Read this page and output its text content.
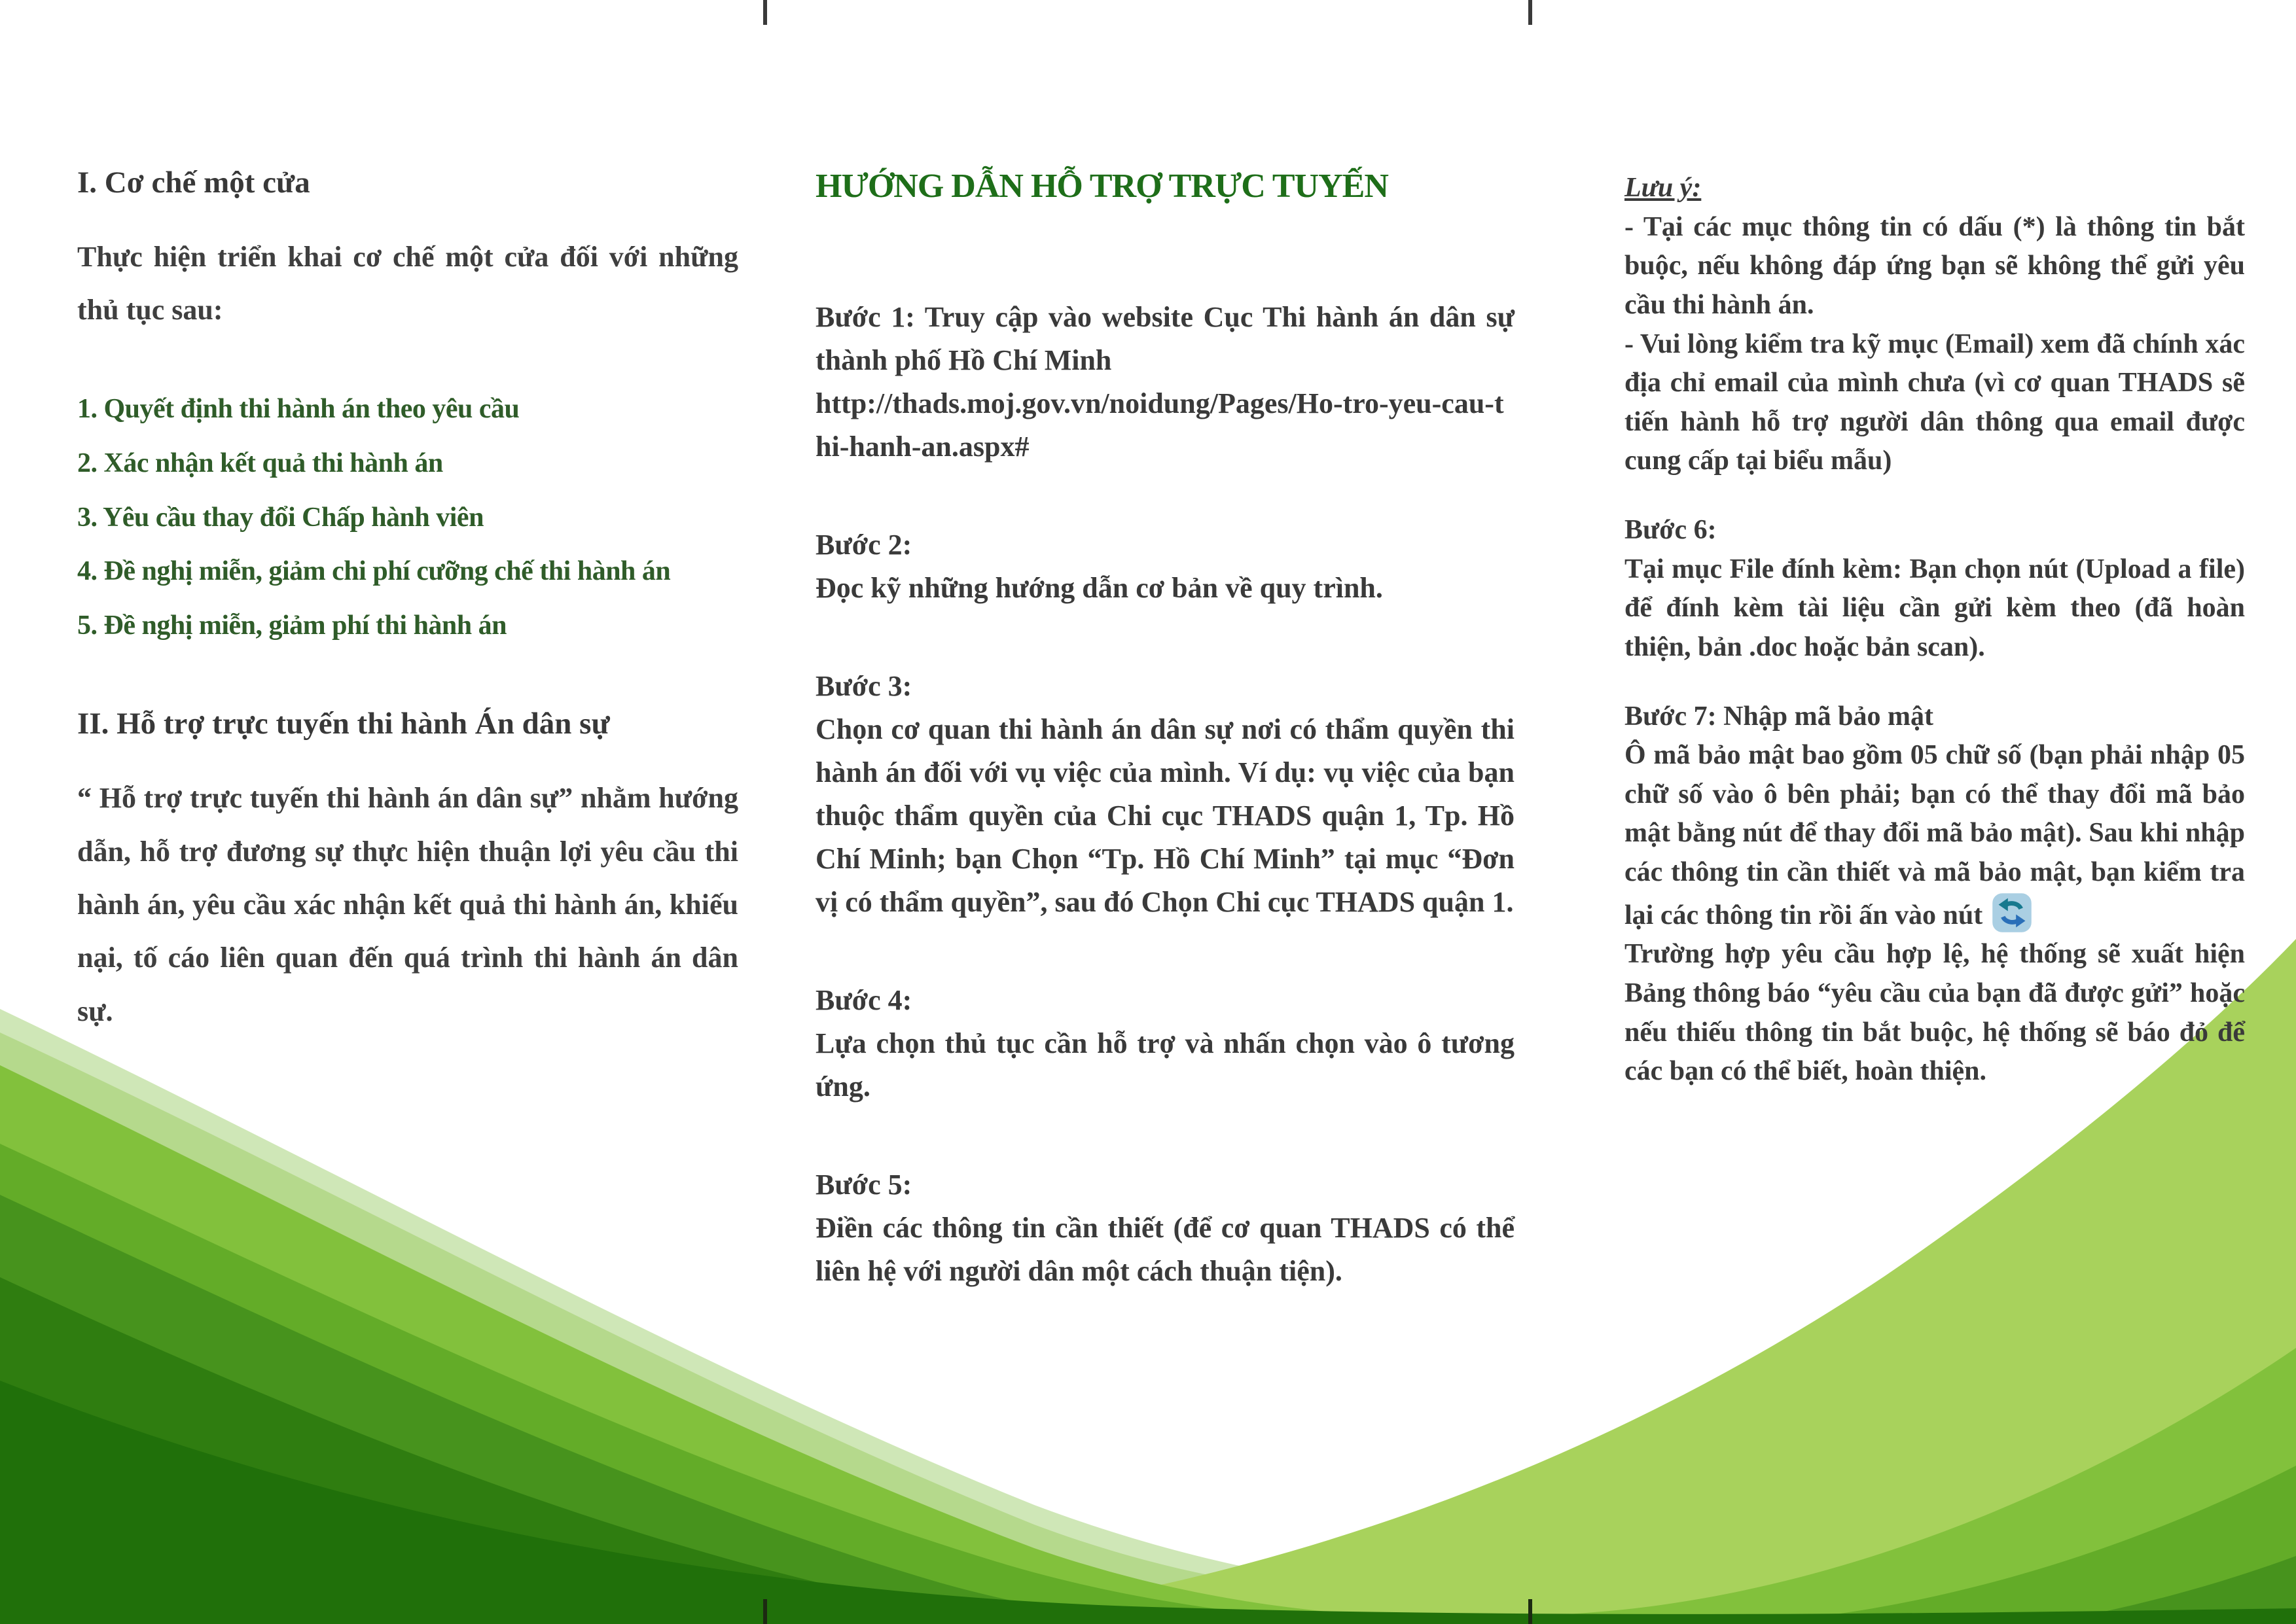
I. Cơ chế một cửa

Thực hiện triển khai cơ chế một cửa đối với những thủ tục sau:

1. Quyết định thi hành án theo yêu cầu
2. Xác nhận kết quả thi hành án
3. Yêu cầu thay đổi Chấp hành viên
4. Đề nghị miễn, giảm chi phí cưỡng chế thi hành án
5. Đề nghị miễn, giảm phí thi hành án
II. Hỗ trợ trực tuyến thi hành Án dân sự

“ Hỗ trợ trực tuyến thi hành án dân sự” nhằm hướng dẫn, hỗ trợ đương sự thực hiện thuận lợi yêu cầu thi hành án, yêu cầu xác nhận kết quả thi hành án, khiếu nại, tố cáo liên quan đến quá trình thi hành án dân sự.

HƯỚNG DẪN HỖ TRỢ TRỰC TUYẾN

Bước 1: Truy cập vào website Cục Thi hành án dân sự thành phố Hồ Chí Minh

http://thads.moj.gov.vn/noidung/Pages/Ho-tro-yeu-cau-thi-hanh-an.aspx#

Bước 2:

Đọc kỹ những hướng dẫn cơ bản về quy trình.

Bước 3:

Chọn cơ quan thi hành án dân sự nơi có thẩm quyền thi hành án đối với vụ việc của mình. Ví dụ: vụ việc của bạn thuộc thẩm quyền của Chi cục THADS quận 1, Tp. Hồ Chí Minh; bạn Chọn “Tp. Hồ Chí Minh” tại mục “Đơn vị có thẩm quyền”, sau đó Chọn Chi cục THADS quận 1.

Bước 4:

Lựa chọn thủ tục cần hỗ trợ và nhấn chọn vào ô tương ứng.

Bước 5:

Điền các thông tin cần thiết (để cơ quan THADS có thể liên hệ với người dân một cách thuận tiện).

Lưu ý:

- Tại các mục thông tin có dấu (*) là thông tin bắt buộc, nếu không đáp ứng bạn sẽ không thể gửi yêu cầu thi hành án.

- Vui lòng kiểm tra kỹ mục (Email) xem đã chính xác địa chỉ email của mình chưa (vì cơ quan THADS sẽ tiến hành hỗ trợ người dân thông qua email được cung cấp tại biểu mẫu)

Bước 6:

Tại mục File đính kèm: Bạn chọn nút (Upload a file) để đính kèm tài liệu cần gửi kèm theo (đã hoàn thiện, bản .doc hoặc bản scan).

Bước 7: Nhập mã bảo mật

Ô mã bảo mật bao gồm 05 chữ số (bạn phải nhập 05 chữ số vào ô bên phải; bạn có thể thay đổi mã bảo mật bằng nút để thay đổi mã bảo mật). Sau khi nhập các thông tin cần thiết và mã bảo mật, bạn kiểm tra lại các thông tin rồi ấn vào nút

Trường hợp yêu cầu hợp lệ, hệ thống sẽ xuất hiện Bảng thông báo “yêu cầu của bạn đã được gửi” hoặc nếu thiếu thông tin bắt buộc, hệ thống sẽ báo đỏ để các bạn có thể biết, hoàn thiện.
